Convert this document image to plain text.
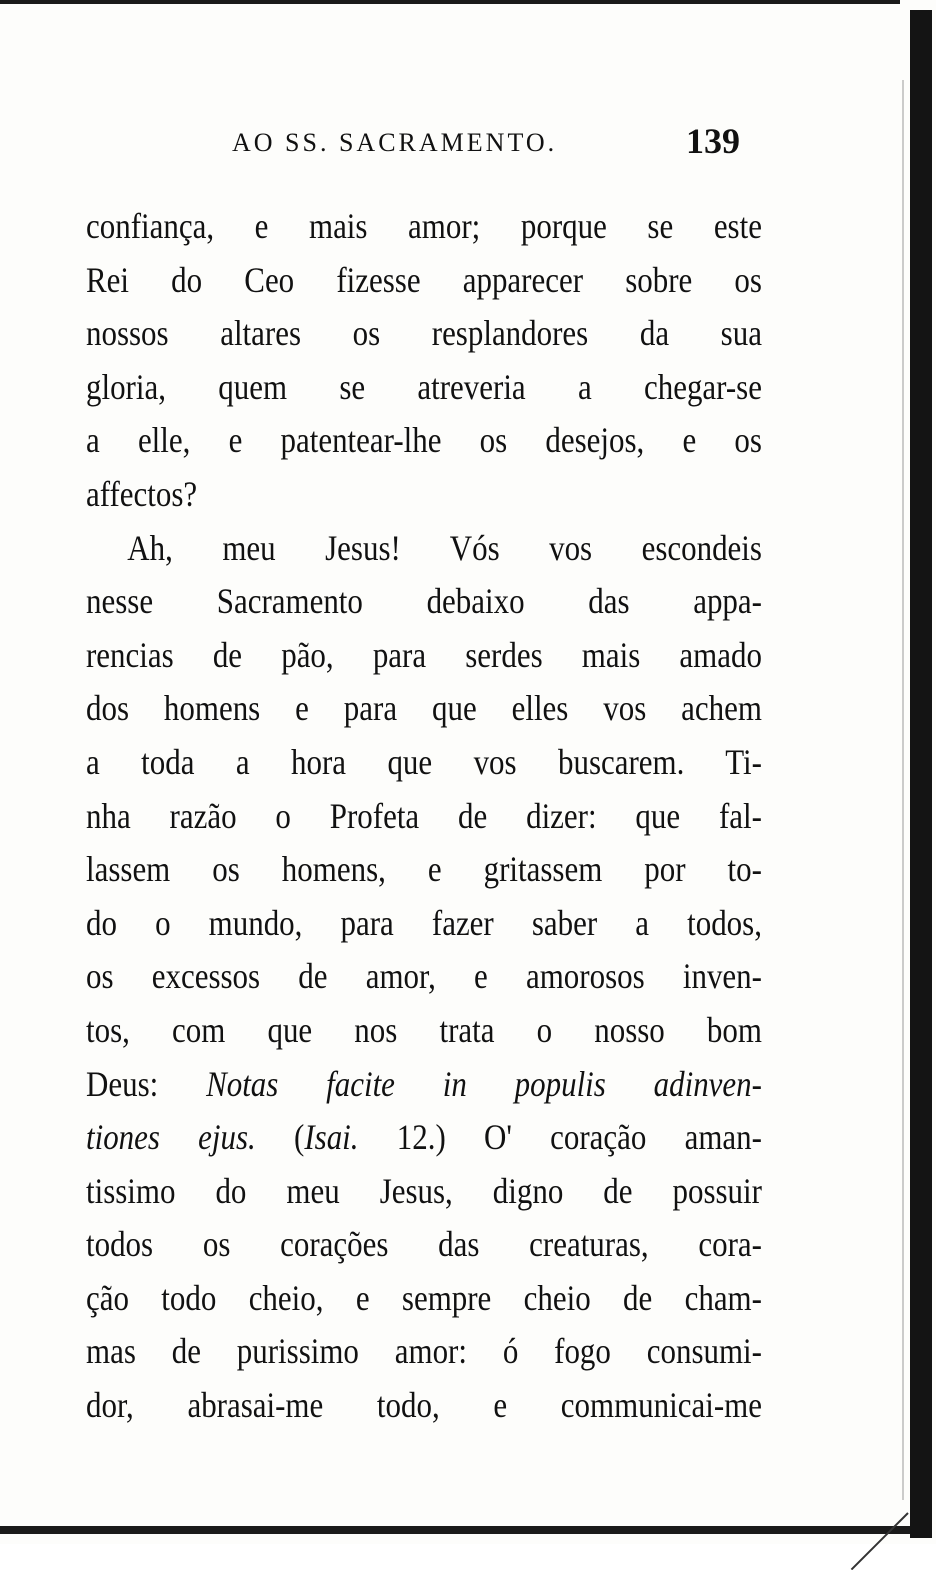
AO SS. SACRAMENTO.	139
confiança, e mais amor; porque se este
Rei do Ceo fizesse apparecer sobre os
nossos altares os resplandores da sua
gloria, quem se atreveria a chegar-se
a elle, e patentear-lhe os desejos, e os
affectos?
Ah, meu Jesus! Vós vos escondeis
nesse Sacramento debaixo das appa-
rencias de pão, para serdes mais amado
dos homens e para que elles vos achem
a toda a hora que vos buscarem. Ti-
nha razão o Profeta de dizer: que fal-
lassem os homens, e gritassem por to-
do o mundo, para fazer saber a todos,
os excessos de amor, e amorosos inven-
tos, com que nos trata o nosso bom
Deus: Notas facite in populis adinven-
tiones ejus. (Isai. 12.) O' coração aman-
tissimo do meu Jesus, digno de possuir
todos os corações das creaturas, cora-
ção todo cheio, e sempre cheio de cham-
mas de purissimo amor: ó fogo consumi-
dor, abrasai-me todo, e communicai-me
